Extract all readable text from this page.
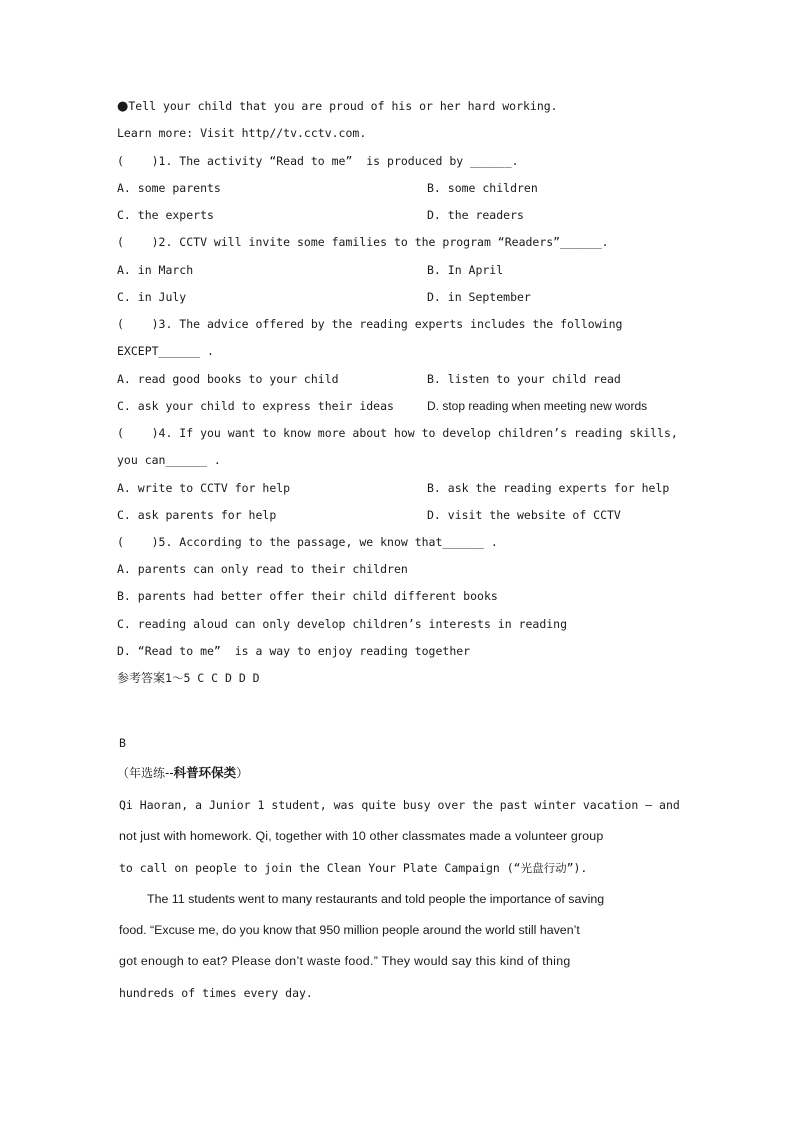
●Tell your child that you are proud of his or her hard working.
Learn more: Visit http//tv.cctv.com.
(    )1. The activity “Read to me”  is produced by ______.
A. some parents	B. some children
C. the experts	D. the readers
(    )2. CCTV will invite some families to the program “Readers”______.
A. in March	B. In April
C. in July	D. in September
(    )3. The advice offered by the reading experts includes the following
EXCEPT______ .
A. read good books to your child	B. listen to your child read
C. ask your child to express their ideas	D. stop reading when meeting new words
(    )4. If you want to know more about how to develop children’s reading skills,
you can______ .
A. write to CCTV for help	B. ask the reading experts for help
C. ask parents for help	D. visit the website of CCTV
(    )5. According to the passage, we know that______ .
A. parents can only read to their children
B. parents had better offer their child different books
C. reading aloud can only develop children’s interests in reading
D. “Read to me”  is a way to enjoy reading together
参考答案1～5 C C D D D
B
（年选练--科普环保类）
Qi Haoran, a Junior 1 student, was quite busy over the past winter vacation – and
not just with homework. Qi, together with 10 other classmates made a volunteer group
to call on people to join the Clean Your Plate Campaign (“光盘行动”).
The 11 students went to many restaurants and told people the importance of saving
food. “Excuse me, do you know that 950 million people around the world still haven’t
got enough to eat? Please don’t waste food.” They would say this kind of thing
hundreds of times every day.
